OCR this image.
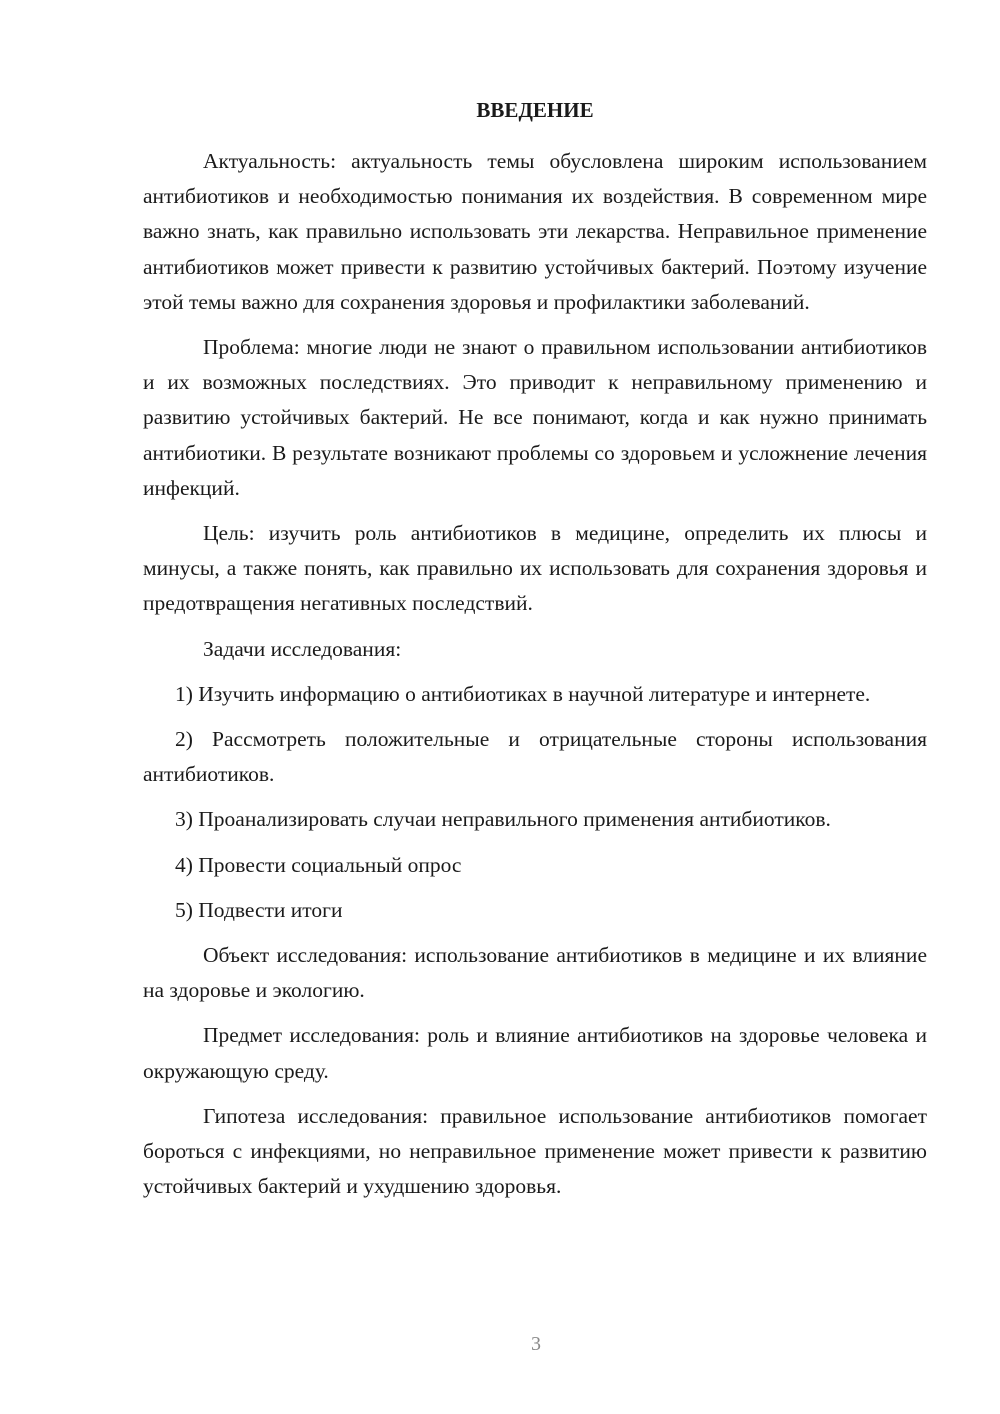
ВВЕДЕНИЕ

Актуальность: актуальность темы обусловлена широким использованием антибиотиков и необходимостью понимания их воздействия. В современном мире важно знать, как правильно использовать эти лекарства. Неправильное применение антибиотиков может привести к развитию устойчивых бактерий. Поэтому изучение этой темы важно для сохранения здоровья и профилактики заболеваний.

Проблема: многие люди не знают о правильном использовании антибиотиков и их возможных последствиях. Это приводит к неправильному применению и развитию устойчивых бактерий. Не все понимают, когда и как нужно принимать антибиотики. В результате возникают проблемы со здоровьем и усложнение лечения инфекций.

Цель: изучить роль антибиотиков в медицине, определить их плюсы и минусы, а также понять, как правильно их использовать для сохранения здоровья и предотвращения негативных последствий.

Задачи исследования:

1) Изучить информацию о антибиотиках в научной литературе и интернете.

2) Рассмотреть положительные и отрицательные стороны использования антибиотиков.

3) Проанализировать случаи неправильного применения антибиотиков.

4) Провести социальный опрос

5) Подвести итоги

Объект исследования: использование антибиотиков в медицине и их влияние на здоровье и экологию.

Предмет исследования: роль и влияние антибиотиков на здоровье человека и окружающую среду.

Гипотеза исследования: правильное использование антибиотиков помогает бороться с инфекциями, но неправильное применение может привести к развитию устойчивых бактерий и ухудшению здоровья.

3
